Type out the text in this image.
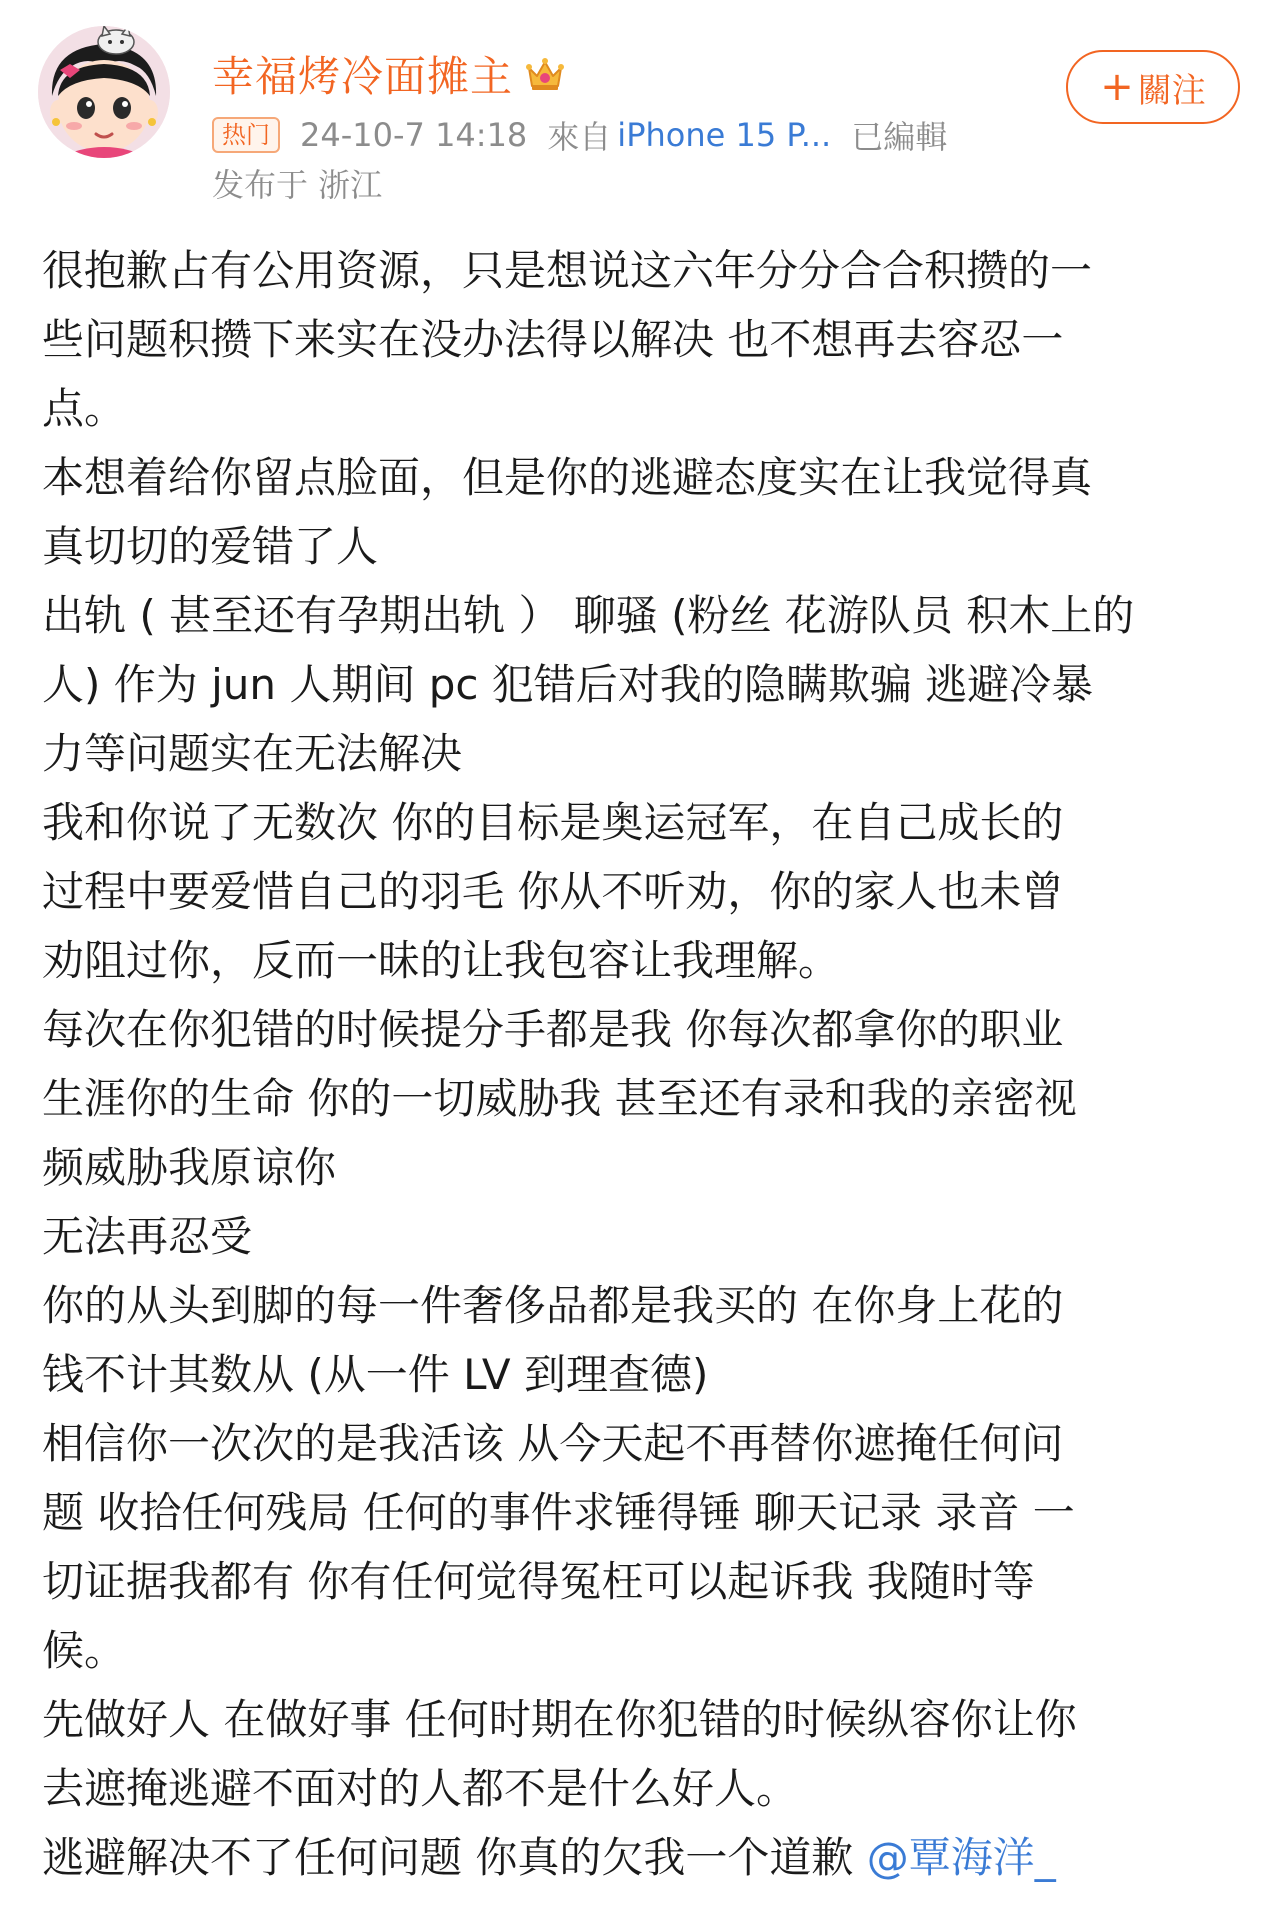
幸福烤冷面摊主
热门 24-10-7 14:18 來自 iPhone 15 P... 已編輯
发布于 浙江
+ 關注

很抱歉占有公用资源，只是想说这六年分分合合积攒的一

些问题积攒下来实在没办法得以解决 也不想再去容忍一

点。

本想着给你留点脸面，但是你的逃避态度实在让我觉得真

真切切的爱错了人

出轨 ( 甚至还有孕期出轨 ） 聊骚 (粉丝 花游队员 积木上的

人) 作为 jun 人期间 pc 犯错后对我的隐瞒欺骗 逃避冷暴

力等问题实在无法解决

我和你说了无数次 你的目标是奥运冠军，在自己成长的

过程中要爱惜自己的羽毛 你从不听劝，你的家人也未曾

劝阻过你，反而一昧的让我包容让我理解。

每次在你犯错的时候提分手都是我 你每次都拿你的职业

生涯你的生命 你的一切威胁我 甚至还有录和我的亲密视

频威胁我原谅你

无法再忍受

你的从头到脚的每一件奢侈品都是我买的 在你身上花的

钱不计其数从 (从一件 LV 到理查德)

相信你一次次的是我活该 从今天起不再替你遮掩任何问

题 收拾任何残局 任何的事件求锤得锤 聊天记录 录音 一

切证据我都有 你有任何觉得冤枉可以起诉我 我随时等

候。

先做好人 在做好事 任何时期在你犯错的时候纵容你让你

去遮掩逃避不面对的人都不是什么好人。

逃避解决不了任何问题 你真的欠我一个道歉 @覃海洋_
